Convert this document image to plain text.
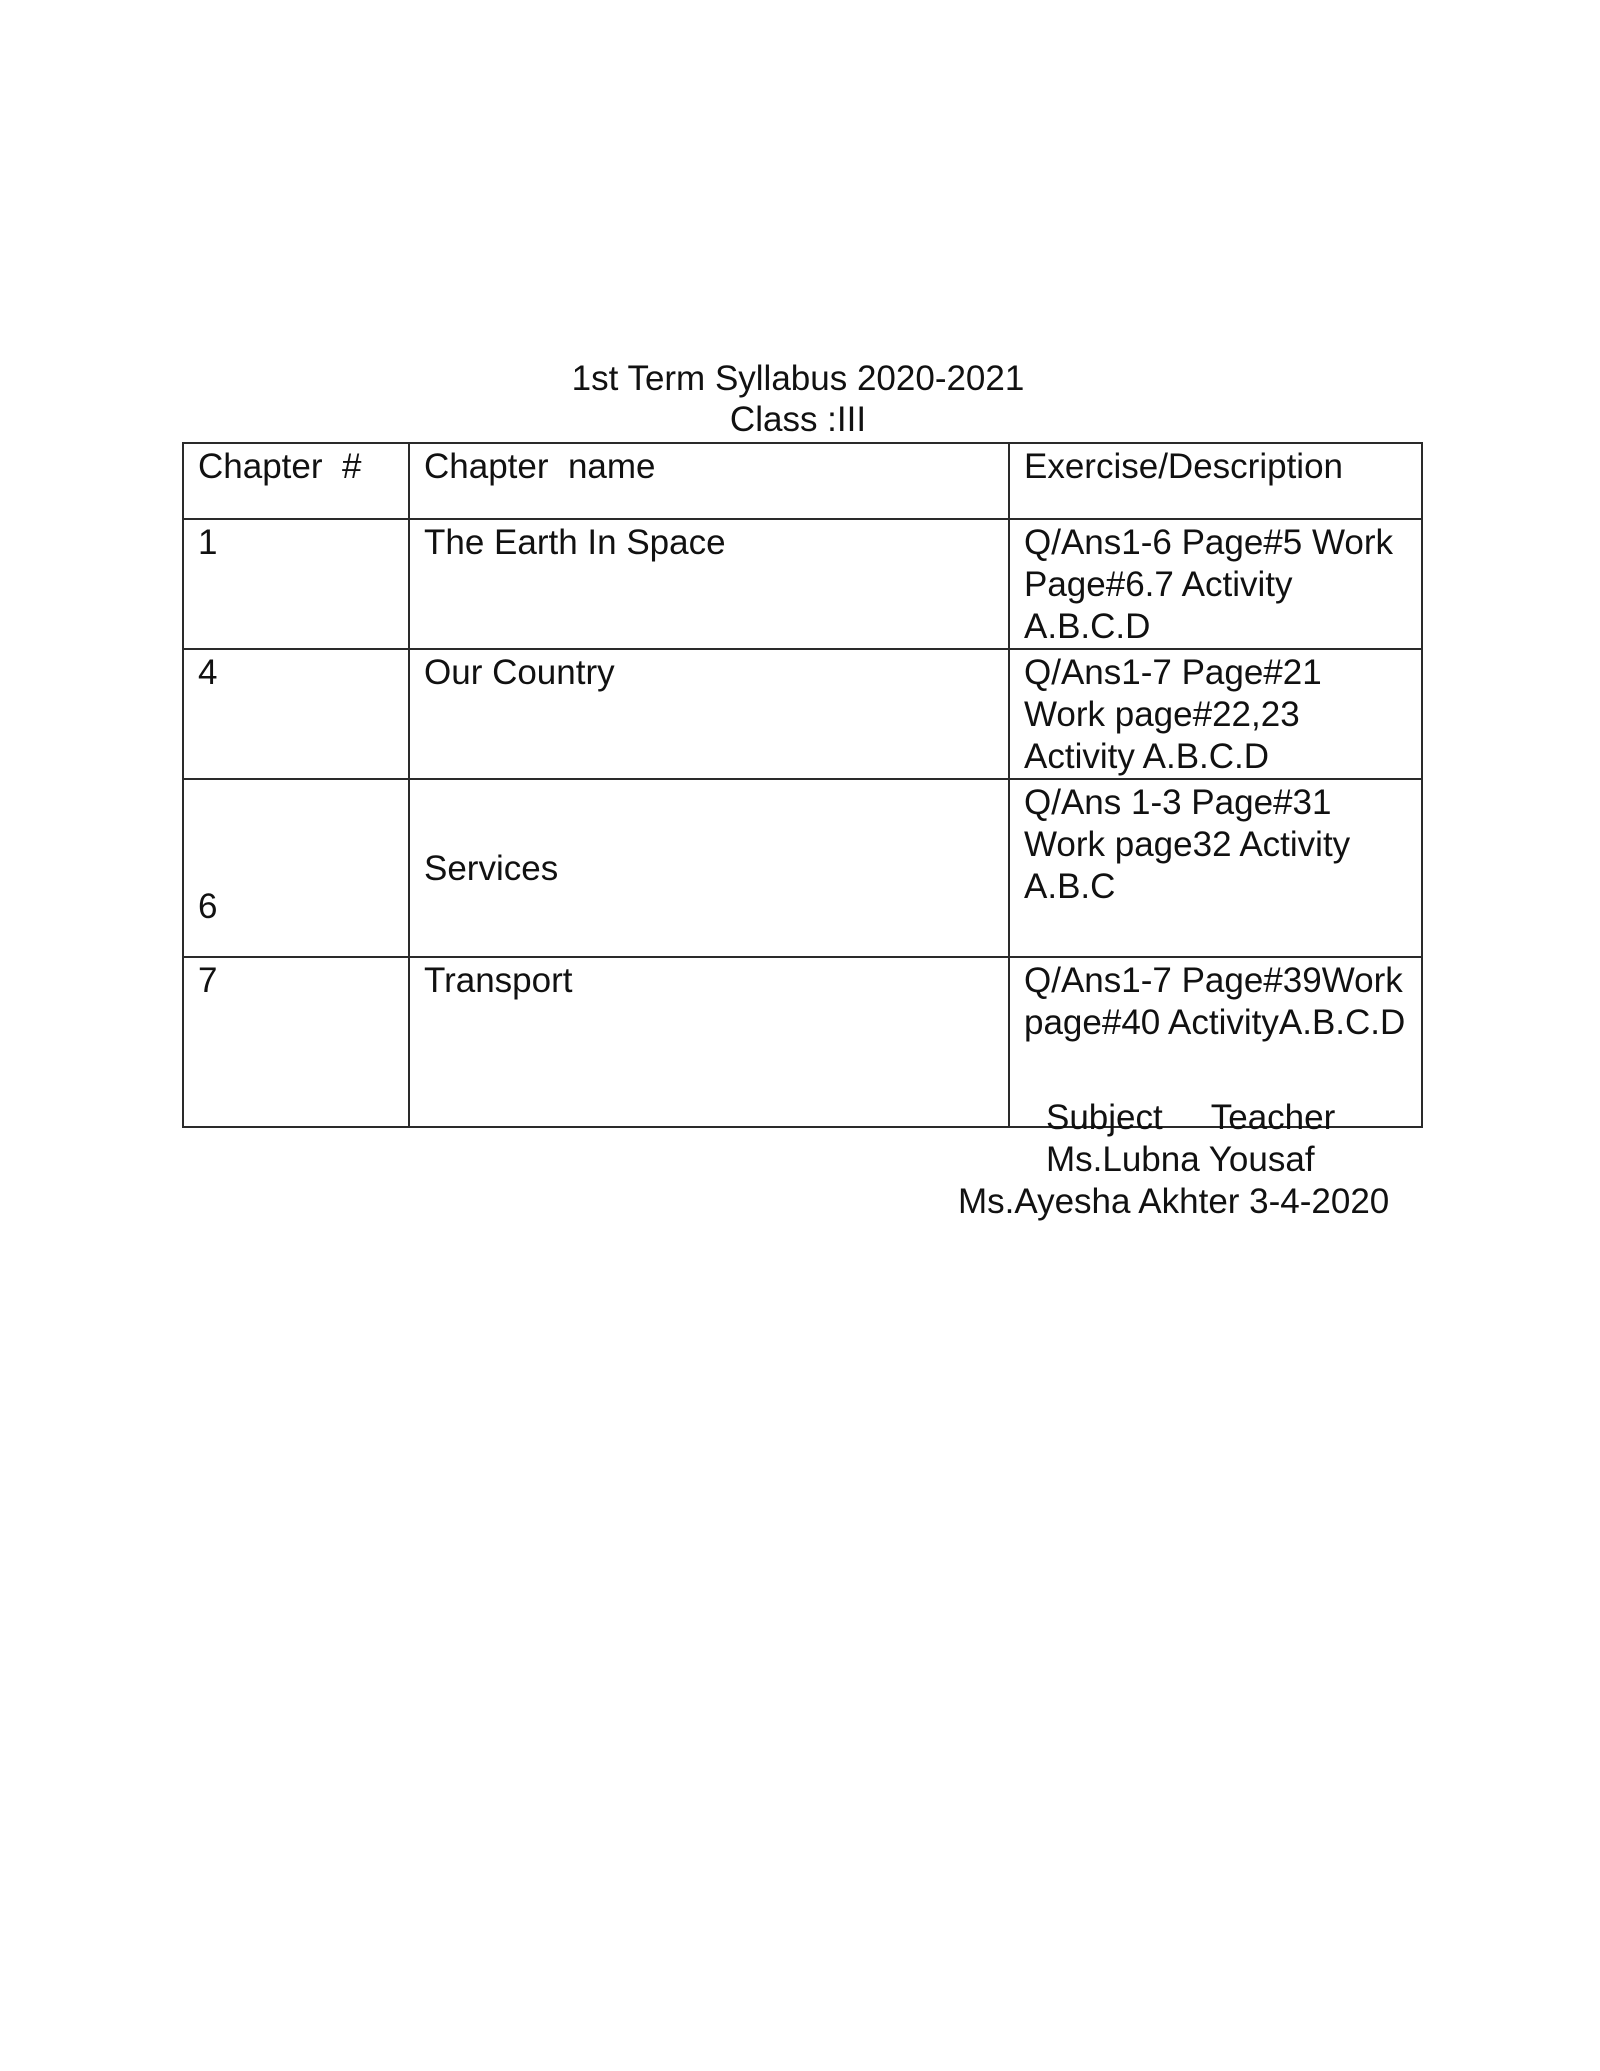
1st Term Syllabus 2020-2021
Class :III
Chapter  #	Chapter  name	Exercise/Description
1	The Earth In Space	Q/Ans1-6 Page#5 Work Page#6.7 Activity A.B.C.D
4	Our Country	Q/Ans1-7 Page#21 Work page#22,23 Activity A.B.C.D
6	Services	Q/Ans 1-3 Page#31 Work page32 Activity A.B.C
7	Transport	Q/Ans1-7 Page#39Work page#40 ActivityA.B.C.D
Subject     Teacher
Ms.Lubna Yousaf
Ms.Ayesha Akhter 3-4-2020
